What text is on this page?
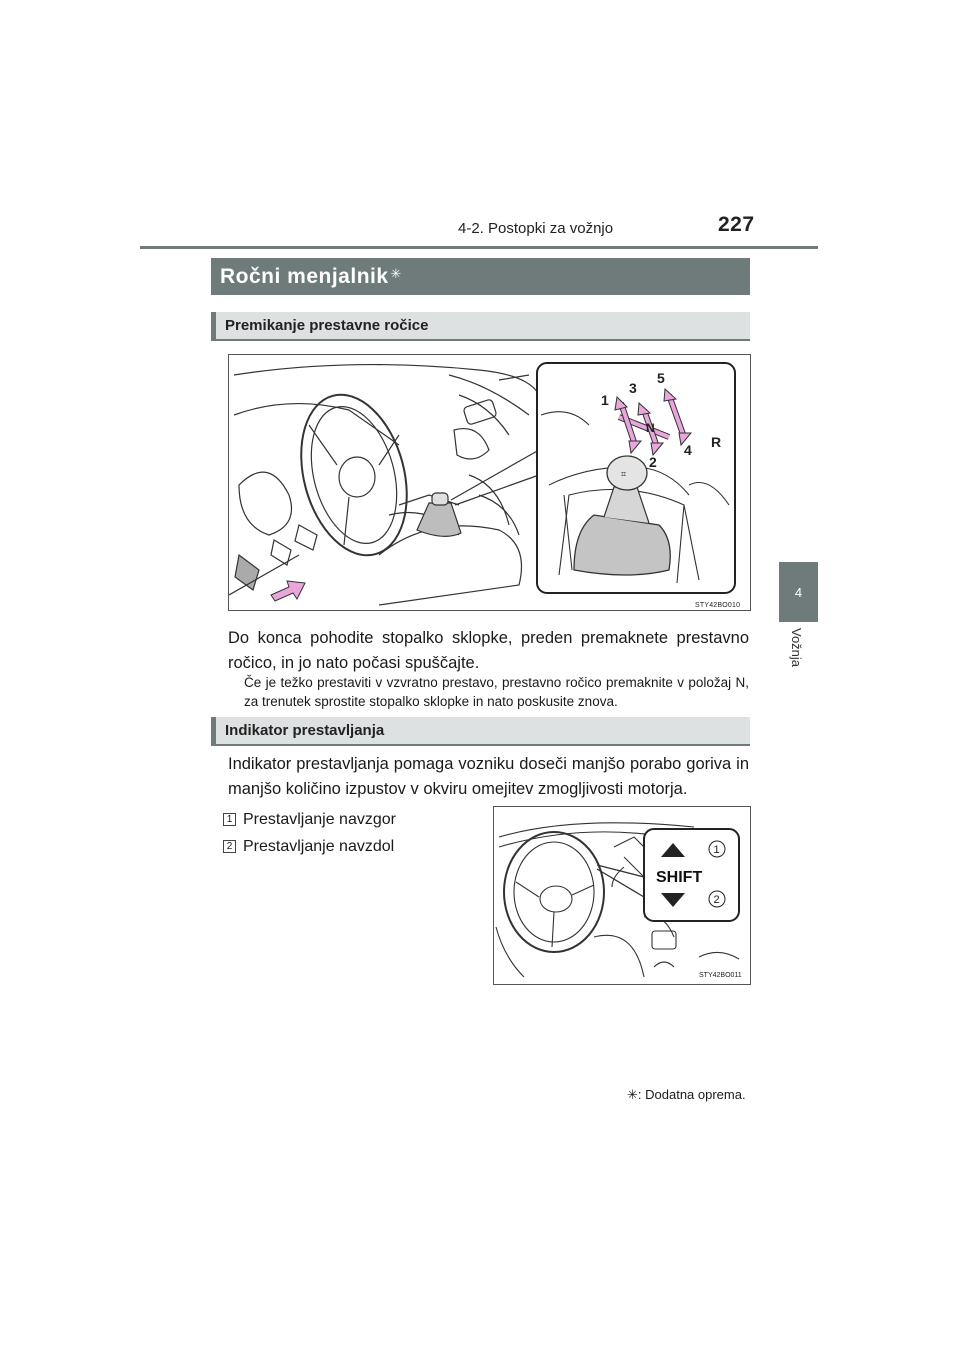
4-2. Postopki za vožnjo	227
4
Vožnja
Ročni menjalnik✳
Premikanje prestavne ročice
⌗
1
3
5
N
2
4 R
STY42BO010
Do konca pohodite stopalko sklopke, preden premaknete prestavno ročico, in jo nato počasi spuščajte.
Če je težko prestaviti v vzvratno prestavo, prestavno ročico premaknite v položaj N, za trenutek sprostite stopalko sklopke in nato poskusite znova.
Indikator prestavljanja
Indikator prestavljanja pomaga vozniku doseči manjšo porabo goriva in manjšo količino izpustov v okviru omejitev zmogljivosti motorja.
1 Prestavljanje navzgor
2 Prestavljanje navzdol
SHIFT
1
2
STY42BO011
✳: Dodatna oprema.
